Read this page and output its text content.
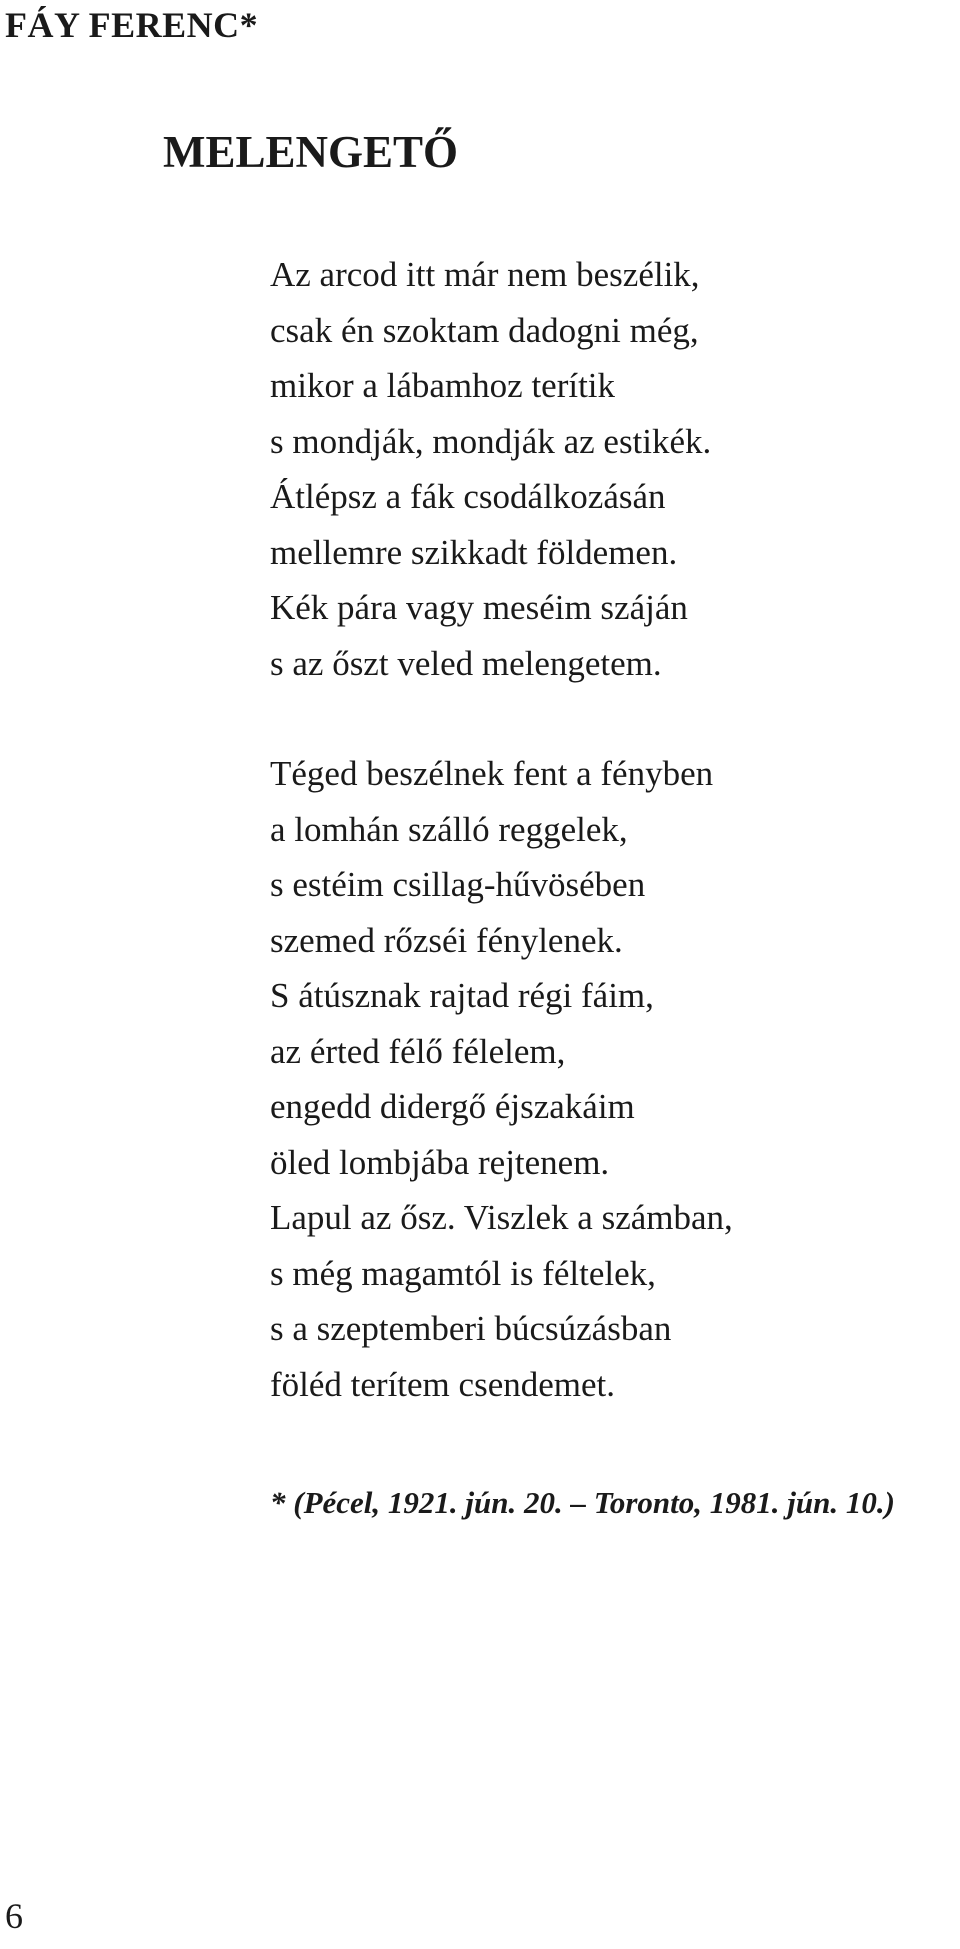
FÁY FERENC*
MELENGETŐ
Az arcod itt már nem beszélik,
csak én szoktam dadogni még,
mikor a lábamhoz terítik
s mondják, mondják az estikék.
Átlépsz a fák csodálkozásán
mellemre szikkadt földemen.
Kék pára vagy meséim száján
s az őszt veled melengetem.
Téged beszélnek fent a fényben
a lomhán szálló reggelek,
s estéim csillag-hűvösében
szemed rőzséi fénylenek.
S átúsznak rajtad régi fáim,
az érted félő félelem,
engedd didergő éjszakáim
öled lombjába rejtenem.
Lapul az ősz. Viszlek a számban,
s még magamtól is féltelek,
s a szeptemberi búcsúzásban
föléd terítem csendemet.

* (Pécel, 1921. jún. 20. – Toronto, 1981. jún. 10.)

6
